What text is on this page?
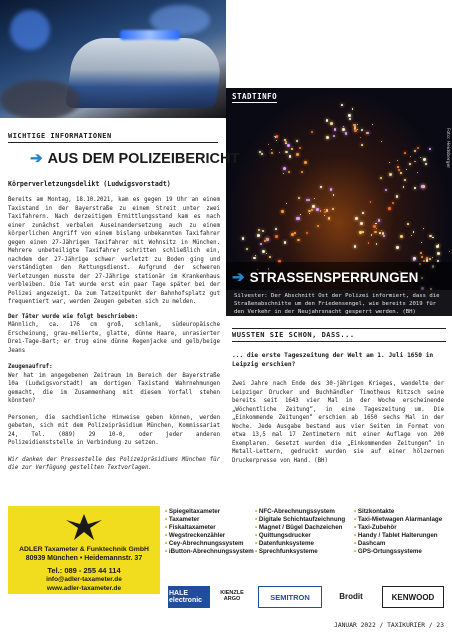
Foto: Heidsberger
STADTINFO
WICHTIGE INFORMATIONEN
➔ AUS DEM POLIZEIBERICHT
Körperverletzungsdelikt (Ludwigsvorstadt)

Bereits am Montag, 18.10.2021, kam es gegen 19 Uhr an einem Taxistand in der Bayerstraße zu einem Streit unter zwei Taxifahrern. Nach derzeitigem Ermittlungsstand kam es nach einer zunächst verbalen Auseinandersetzung auch zu einem körperlichen Angriff von einem bislang unbekannten Taxifahrer gegen einen 27-Jährigen Taxifahrer mit Wohnsitz in München. Mehrere unbeteiligte Taxifahrer schritten schließlich ein, nachdem der 27-Jährige schwer verletzt zu Boden ging und verständigten den Rettungsdienst. Aufgrund der schweren Verletzungen musste der 27-Jährige stationär im Krankenhaus verbleiben. Die Tat wurde erst ein paar Tage später bei der Polizei angezeigt. Da zum Tatzeitpunkt der Bahnhofsplatz gut frequentiert war, werden Zeugen gebeten sich zu melden.

Der Täter wurde wie folgt beschrieben:

Männlich, ca. 176 cm groß, schlank, südeuropäische Erscheinung, grau-melierte, glatte, dünne Haare, unrasierter Drei-Tage-Bart; er trug eine dünne Regenjacke und gelb/beige Jeans

Zeugenaufruf:

Wer hat im angegebenen Zeitraum im Bereich der Bayerstraße 10a (Ludwigsvorstadt) am dortigen Taxistand Wahrnehmungen gemacht, die im Zusammenhang mit diesem Vorfall stehen könnten?

Personen, die sachdienliche Hinweise geben können, werden gebeten, sich mit dem Polizeipräsidium München, Kommissariat 24, Tel. (089) 29 10-0, oder jeder anderen Polizeidienststelle in Verbindung zu setzen.

Wir danken der Pressestelle des Polizeipräsidiums München für die zur Verfügung gestellten Textvorlagen.

➔ STRASSENSPERRUNGEN
Silvester: Der Abschnitt Ost der Polizei informiert, dass die Straßenabschnitte um den Friedensengel, wie bereits 2019 für den Verkehr in der Neujahrsnacht gesperrt werden. (BH)
WUSSTEN SIE SCHON, DASS...
... die erste Tageszeitung der Welt am 1. Juli 1650 in Leipzig erschien?
Zwei Jahre nach Ende des 30-jährigen Krieges, wandelte der Leipziger Drucker und Buchhändler Timotheus Ritzsch seine bereits seit 1643 vier Mal in der Woche erscheinende „Wöchentliche Zeitung“, in eine Tageszeitung um. Die „Einkommende Zeitungen“ erschien ab 1650 sechs Mal in der Woche. Jede Ausgabe bestand aus vier Seiten im Format von etwa 13,5 mal 17 Zentimetern mit einer Auflage von 200 Exemplaren. Gesetzt wurden die „Einkommenden Zeitungen“ in Metall-Lettern, gedruckt wurden sie auf einer hölzernen Druckerpresse von Hand. (BH)
ADLER Taxameter & Funktechnik GmbH
80939 München • Heidemannstr. 37
Tel.: 089 - 255 44 114
info@adler-taxameter.de
www.adler-taxameter.de
• Spiegeltaxameter
• Taxameter
• Fiskaltaxameter
• Wegstreckenzähler
• Cey-Abrechnungssystem
• iButton-Abrechnungssystem
• NFC-Abrechnungssystem
• Digitale Schichtaufzeichnung
• Magnet / Bügel Dachzeichen
• Quittungsdrucker
• Datenfunksysteme
• Sprechfunksysteme
• Sitzkontakte
• Taxi-Mietwagen Alarmanlage
• Taxi-Zubehör
• Handy / Tablet Halterungen
• Dashcam
• GPS-Ortungssysteme
HALE electronic
KIENZLE ARGO	SEMITRON	Brodit	KENWOOD
JANUAR 2022 / TAXIKURIER / 23
